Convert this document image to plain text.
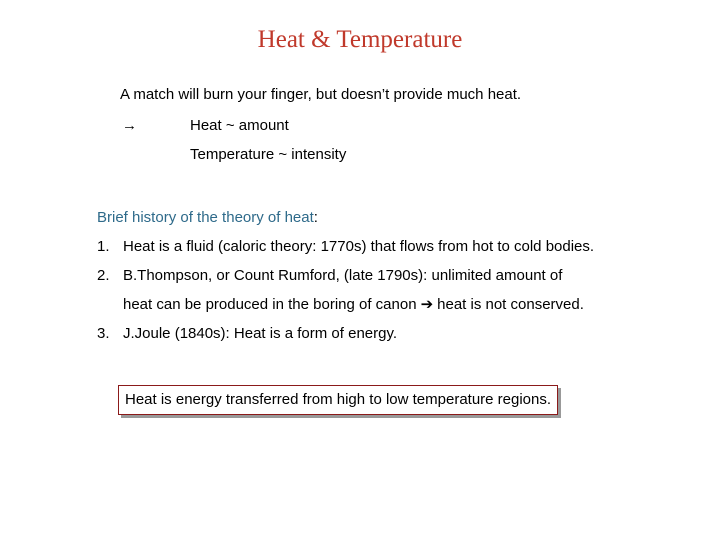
Heat & Temperature
A match will burn your finger, but doesn’t provide much heat.
→	Heat ~ amount
Temperature ~ intensity
Brief history of the theory of heat:
1. Heat is a fluid (caloric theory: 1770s) that flows from hot to cold bodies.
2. B.Thompson, or Count Rumford, (late 1790s): unlimited amount of
heat can be produced in the boring of canon ➔ heat is not conserved.
3. J.Joule (1840s): Heat is a form of energy.
Heat is energy transferred from high to low temperature regions.
